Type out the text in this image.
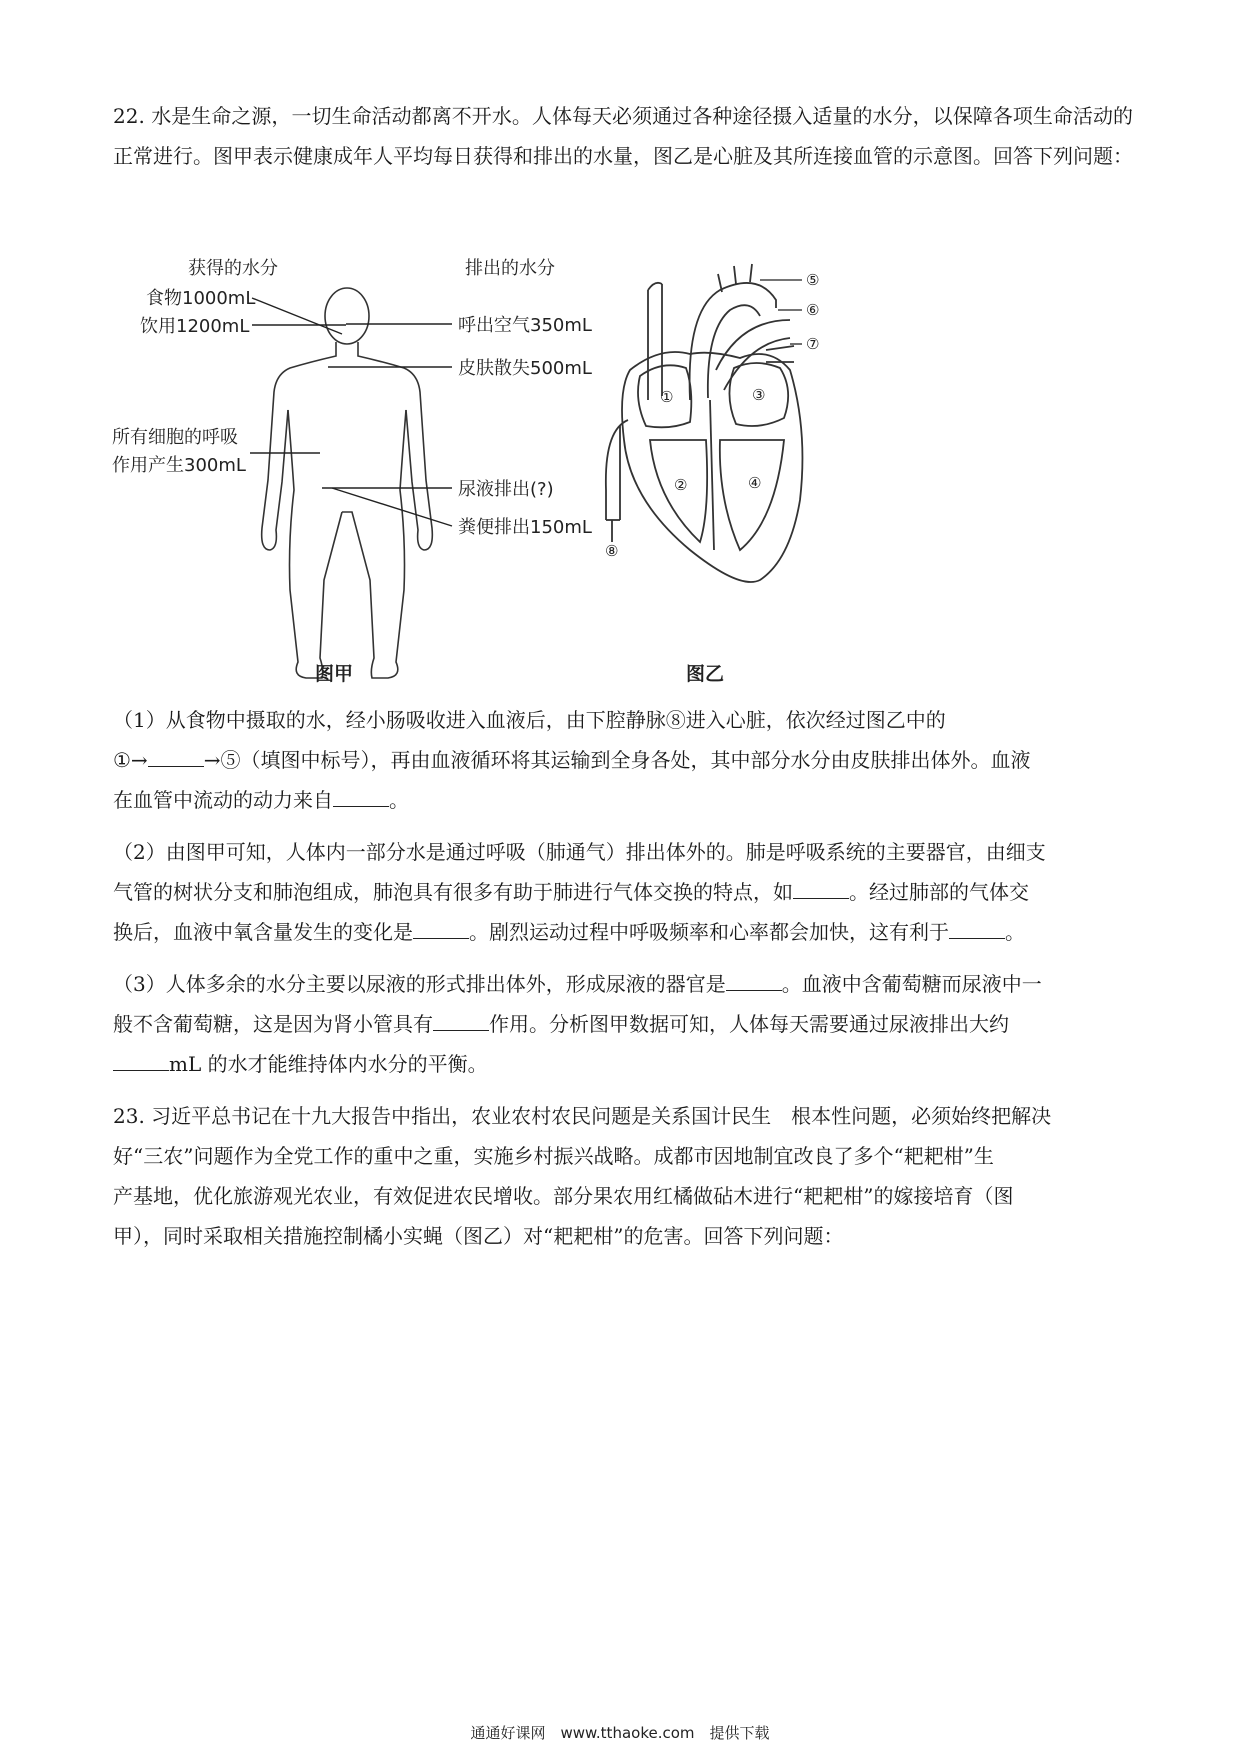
22. 水是生命之源，一切生命活动都离不开水。人体每天必须通过各种途径摄入适量的水分，以保障各项生命活动的正常进行。图甲表示健康成年人平均每日获得和排出的水量，图乙是心脏及其所连接血管的示意图。回答下列问题：

获得的水分	排出的水分
食物1000mL
饮用1200mL
所有细胞的呼吸
作用产生300mL
呼出空气350mL
皮肤散失500mL
尿液排出(?)
粪便排出150mL
图甲
①
②
③
④
⑤
⑥
⑦
⑧
图乙

（1）从食物中摄取的水，经小肠吸收进入血液后，由下腔静脉⑧进入心脏，依次经过图乙中的
①→	→⑤（填图中标号），再由血液循环将其运输到全身各处，其中部分水分由皮肤排出体外。血液
在血管中流动的动力来自	。

（2）由图甲可知，人体内一部分水是通过呼吸（肺通气）排出体外的。肺是呼吸系统的主要器官，由细支
气管的树状分支和肺泡组成，肺泡具有很多有助于肺进行气体交换的特点，如	。经过肺部的气体交
换后，血液中氧含量发生的变化是	。剧烈运动过程中呼吸频率和心率都会加快，这有利于	。

（3）人体多余的水分主要以尿液的形式排出体外，形成尿液的器官是	。血液中含葡萄糖而尿液中一
般不含葡萄糖，这是因为肾小管具有	作用。分析图甲数据可知，人体每天需要通过尿液排出大约
mL 的水才能维持体内水分的平衡。

23. 习近平总书记在十九大报告中指出，农业农村农民问题是关系国计民生　根本性问题，必须始终把解决
好“三农”问题作为全党工作的重中之重，实施乡村振兴战略。成都市因地制宜改良了多个“耙耙柑”生
产基地，优化旅游观光农业，有效促进农民增收。部分果农用红橘做砧木进行“耙耙柑”的嫁接培育（图
甲），同时采取相关措施控制橘小实蝇（图乙）对“耙耙柑”的危害。回答下列问题：

通通好课网　www.tthaoke.com　提供下载
